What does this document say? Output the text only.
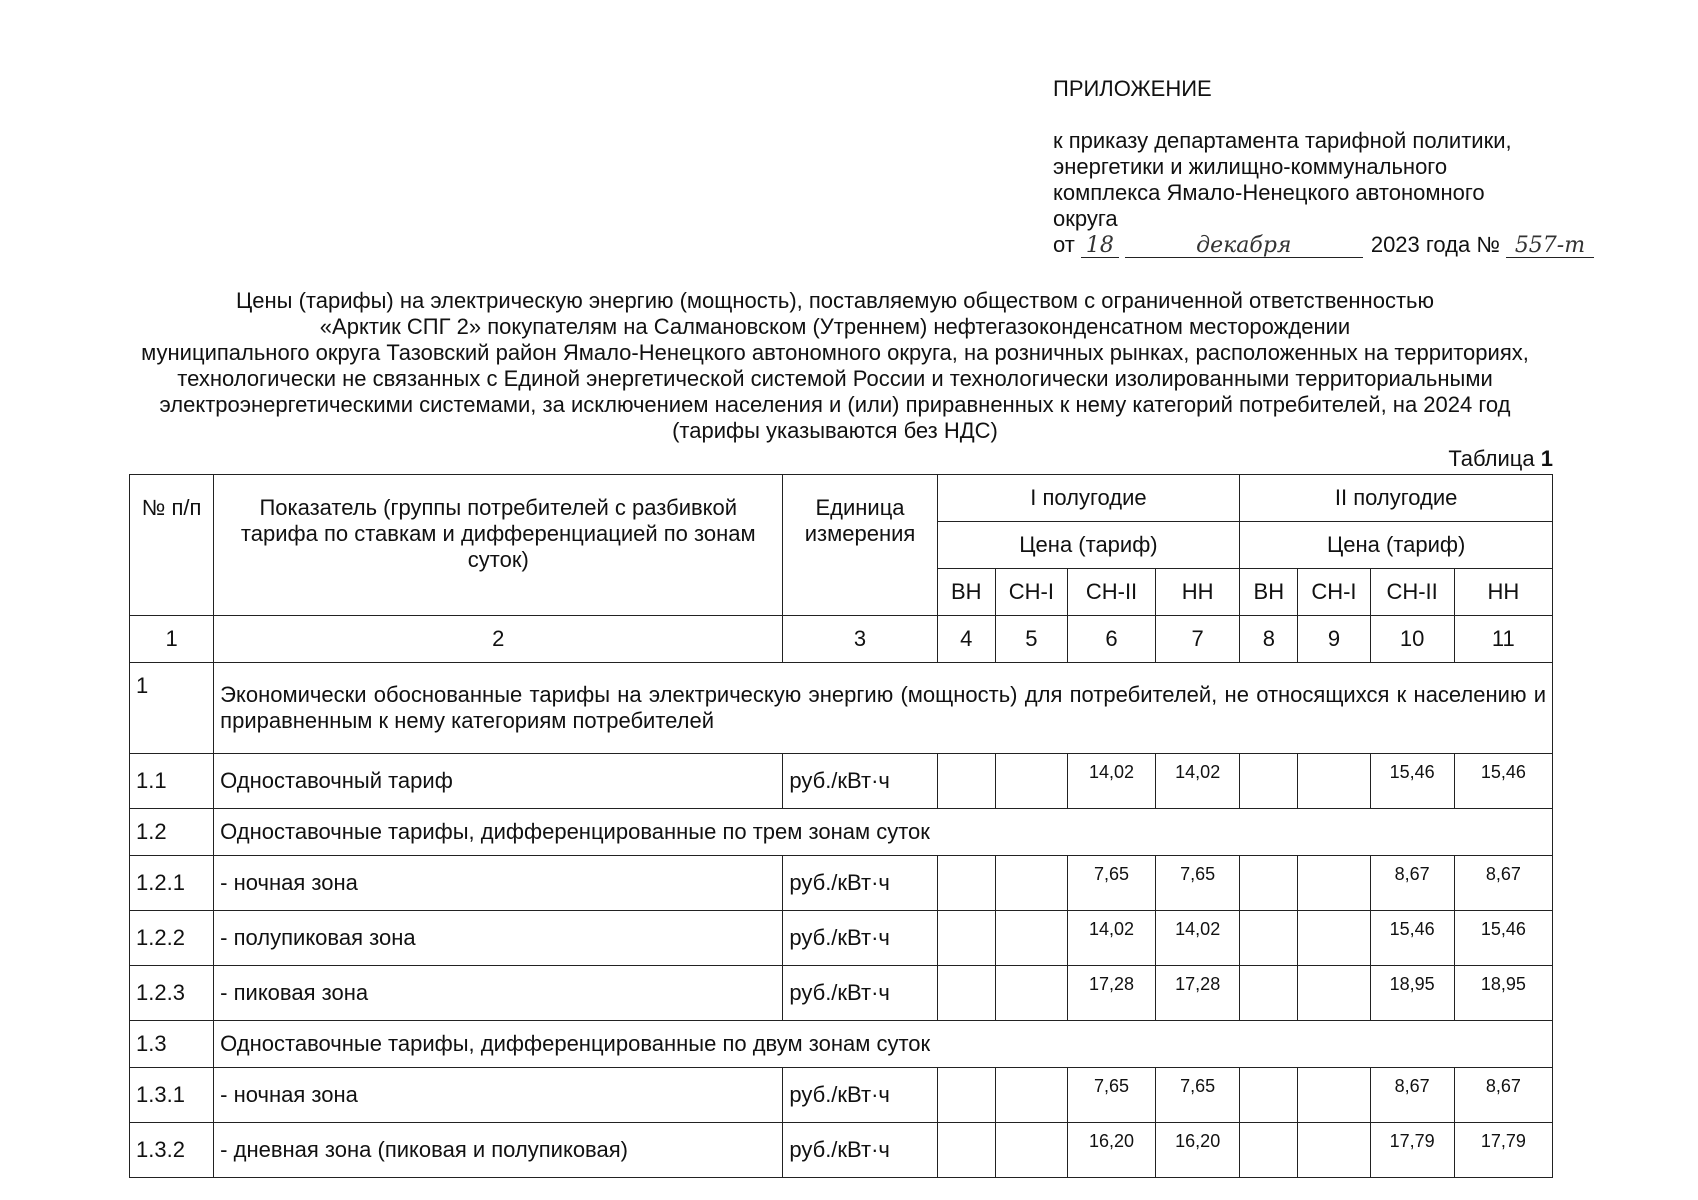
ПРИЛОЖЕНИЕ
к приказу департамента тарифной политики,
энергетики и жилищно-коммунального
комплекса Ямало-Ненецкого автономного
округа
от 18	декабря	2023 года № 557-т
Цены (тарифы) на электрическую энергию (мощность), поставляемую обществом с ограниченной ответственностью
«Арктик СПГ 2» покупателям на Салмановском (Утреннем) нефтегазоконденсатном месторождении
муниципального округа Тазовский район Ямало-Ненецкого автономного округа, на розничных рынках, расположенных на территориях,
технологически не связанных с Единой энергетической системой России и технологически изолированными территориальными
электроэнергетическими системами, за исключением населения и (или) приравненных к нему категорий потребителей, на 2024 год
(тарифы указываются без НДС)
Таблица 1
№ п/п	Показатель (группы потребителей с разбивкой тарифа по ставкам и дифференциацией по зонам суток)	Единица измерения	I полугодие				II полугодие			
			Цена (тариф)				Цена (тариф)			
			ВН	СН-I	СН-II	НН	ВН	СН-I	СН-II	НН
1	2	3	4	5	6	7	8	9	10	11
1	Экономически обоснованные тарифы на электрическую энергию (мощность) для потребителей, не относящихся к населению и приравненным к нему категориям потребителей									
1.1	Одноставочный тариф	руб./кВт·ч			14,02	14,02			15,46	15,46
1.2	Одноставочные тарифы, дифференцированные по трем зонам суток									
1.2.1	- ночная зона	руб./кВт·ч			7,65	7,65			8,67	8,67
1.2.2	- полупиковая зона	руб./кВт·ч			14,02	14,02			15,46	15,46
1.2.3	- пиковая зона	руб./кВт·ч			17,28	17,28			18,95	18,95
1.3	Одноставочные тарифы, дифференцированные по двум зонам суток									
1.3.1	- ночная зона	руб./кВт·ч			7,65	7,65			8,67	8,67
1.3.2	- дневная зона (пиковая и полупиковая)	руб./кВт·ч			16,20	16,20			17,79	17,79
